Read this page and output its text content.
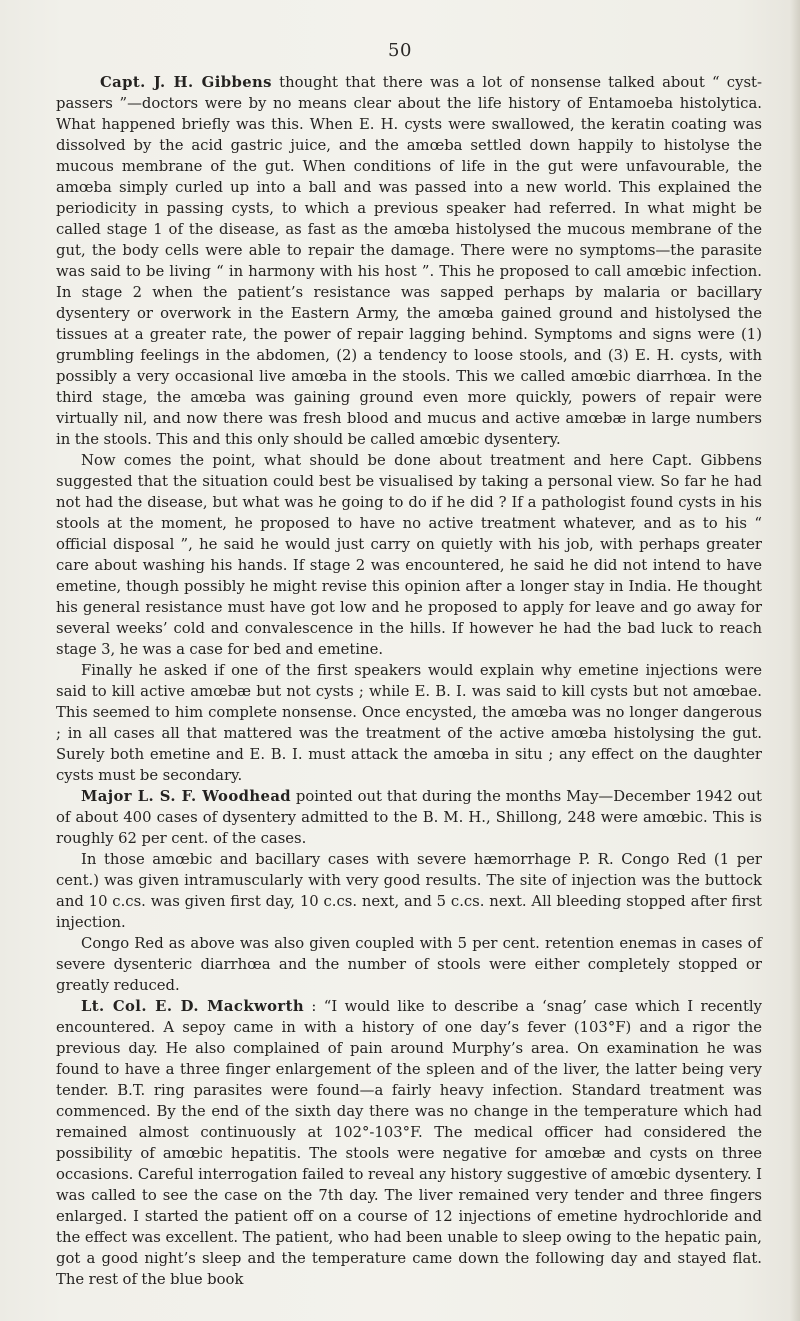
50

Capt. J. H. Gibbens thought that there was a lot of nonsense talked about “ cyst-passers ”—doctors were by no means clear about the life history of Entamoeba histolytica. What happened briefly was this. When E. H. cysts were swallowed, the keratin coating was dissolved by the acid gastric juice, and the amœba settled down happily to histolyse the mucous membrane of the gut. When conditions of life in the gut were unfavourable, the amœba simply curled up into a ball and was passed into a new world. This explained the periodicity in passing cysts, to which a previous speaker had referred. In what might be called stage 1 of the disease, as fast as the amœba histolysed the mucous membrane of the gut, the body cells were able to repair the damage. There were no symptoms—the parasite was said to be living “ in harmony with his host ”. This he proposed to call amœbic infection. In stage 2 when the patient’s resistance was sapped perhaps by malaria or bacillary dysentery or overwork in the Eastern Army, the amœba gained ground and histolysed the tissues at a greater rate, the power of repair lagging behind. Symptoms and signs were (1) grumbling feelings in the abdomen, (2) a tendency to loose stools, and (3) E. H. cysts, with possibly a very occasional live amœba in the stools. This we called amœbic diarrhœa. In the third stage, the amœba was gaining ground even more quickly, powers of repair were virtually nil, and now there was fresh blood and mucus and active amœbæ in large numbers in the stools. This and this only should be called amœbic dysentery.

Now comes the point, what should be done about treatment and here Capt. Gibbens suggested that the situation could best be visualised by taking a personal view. So far he had not had the disease, but what was he going to do if he did ? If a pathologist found cysts in his stools at the moment, he proposed to have no active treatment whatever, and as to his “ official disposal ”, he said he would just carry on quietly with his job, with perhaps greater care about washing his hands. If stage 2 was encountered, he said he did not intend to have emetine, though possibly he might revise this opinion after a longer stay in India. He thought his general resistance must have got low and he proposed to apply for leave and go away for several weeks’ cold and convalescence in the hills. If however he had the bad luck to reach stage 3, he was a case for bed and emetine.

Finally he asked if one of the first speakers would explain why emetine injections were said to kill active amœbæ but not cysts ; while E. B. I. was said to kill cysts but not amœbae. This seemed to him complete nonsense. Once encysted, the amœba was no longer dangerous ; in all cases all that mattered was the treatment of the active amœba histolysing the gut. Surely both emetine and E. B. I. must attack the amœba in situ ; any effect on the daughter cysts must be secondary.

Major L. S. F. Woodhead pointed out that during the months May—December 1942 out of about 400 cases of dysentery admitted to the B. M. H., Shillong, 248 were amœbic. This is roughly 62 per cent. of the cases.

In those amœbic and bacillary cases with severe hæmorrhage P. R. Congo Red (1 per cent.) was given intramuscularly with very good results. The site of injection was the buttock and 10 c.cs. was given first day, 10 c.cs. next, and 5 c.cs. next. All bleeding stopped after first injection.

Congo Red as above was also given coupled with 5 per cent. retention enemas in cases of severe dysenteric diarrhœa and the number of stools were either completely stopped or greatly reduced.

Lt. Col. E. D. Mackworth : “I would like to describe a ‘snag’ case which I recently encountered. A sepoy came in with a history of one day’s fever (103°F) and a rigor the previous day. He also complained of pain around Murphy’s area. On examination he was found to have a three finger enlargement of the spleen and of the liver, the latter being very tender. B.T. ring parasites were found—a fairly heavy infection. Standard treatment was commenced. By the end of the sixth day there was no change in the temperature which had remained almost continuously at 102°-103°F. The medical officer had considered the possibility of amœbic hepatitis. The stools were negative for amœbæ and cysts on three occasions. Careful interrogation failed to reveal any history suggestive of amœbic dysentery. I was called to see the case on the 7th day. The liver remained very tender and three fingers enlarged. I started the patient off on a course of 12 injections of emetine hydrochloride and the effect was excellent. The patient, who had been unable to sleep owing to the hepatic pain, got a good night’s sleep and the temperature came down the following day and stayed flat. The rest of the blue book
